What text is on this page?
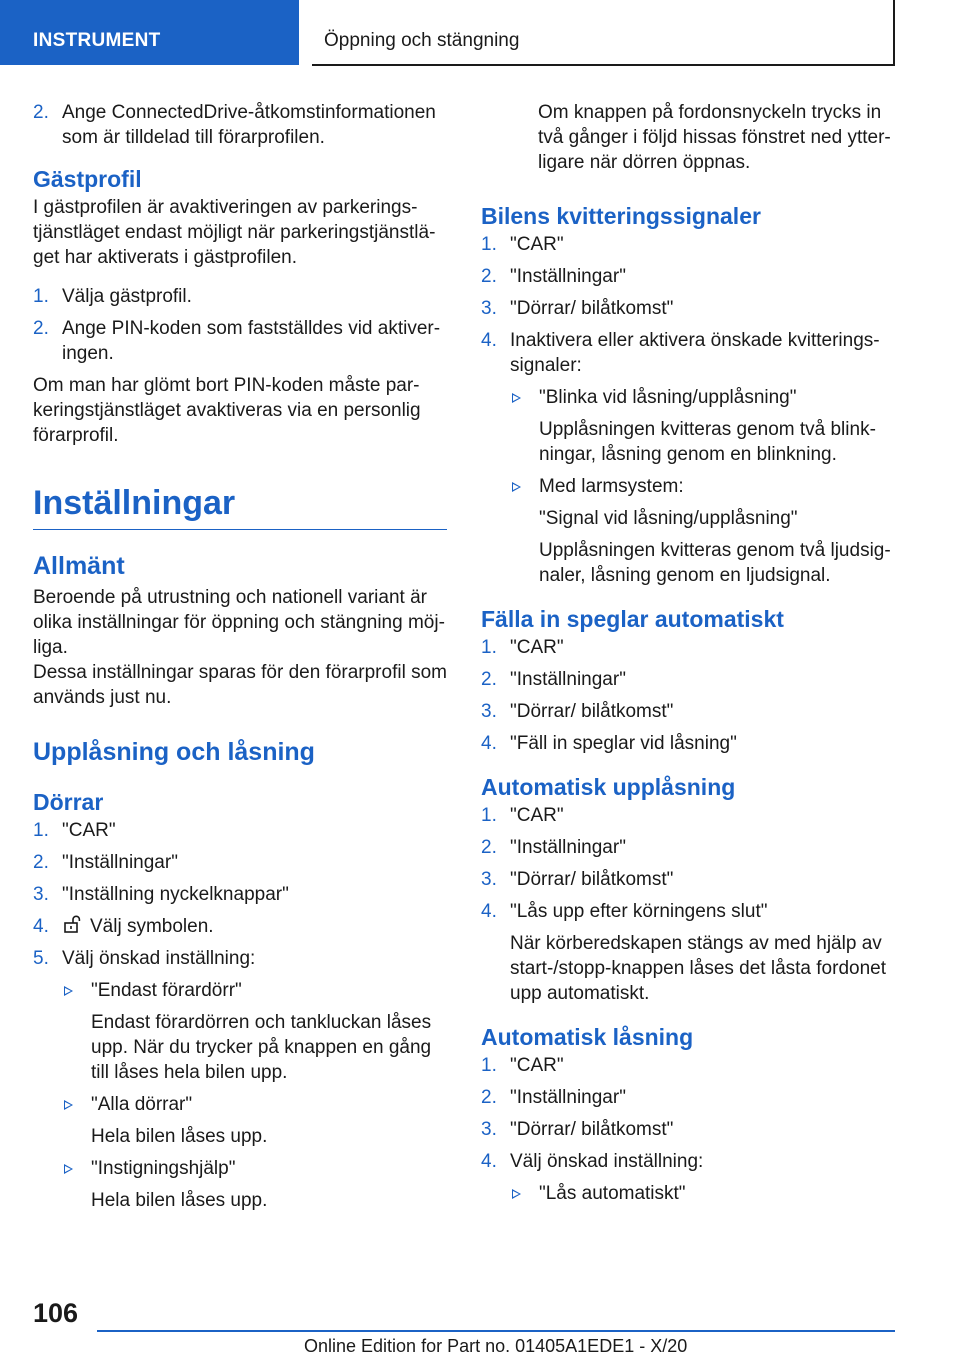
INSTRUMENT	Öppning och stängning
2. Ange ConnectedDrive-åtkomstinformationen som är tilldelad till förarprofilen.
Gästprofil

I gästprofilen är avaktiveringen av parkeringstjänstläget endast möjligt när parkeringstjänstläget har aktiverats i gästprofilen.

1. Välja gästprofil.
2. Ange PIN-koden som fastställdes vid aktiveringen.

Om man har glömt bort PIN-koden måste parkeringstjänstläget avaktiveras via en personlig förarprofil.

Inställningar
Allmänt

Beroende på utrustning och nationell variant är olika inställningar för öppning och stängning möjliga.

Dessa inställningar sparas för den förarprofil som används just nu.

Upplåsning och låsning
Dörrar
1. "CAR"
2. "Inställningar"
3. "Inställning nyckelknappar"
4. Välj symbolen.
5. Välj önskad inställning:
"Endast förardörr"
Endast förardörren och tankluckan låses upp. När du trycker på knappen en gång till låses hela bilen upp.
"Alla dörrar"
Hela bilen låses upp.
"Instigningshjälp"
Hela bilen låses upp.

Om knappen på fordonsnyckeln trycks in två gånger i följd hissas fönstret ned ytterligare när dörren öppnas.

Bilens kvitteringssignaler
1. "CAR"
2. "Inställningar"
3. "Dörrar/ bilåtkomst"
4. Inaktivera eller aktivera önskade kvitteringssignaler:
"Blinka vid låsning/upplåsning"
Upplåsningen kvitteras genom två blinkningar, låsning genom en blinkning.
Med larmsystem:
"Signal vid låsning/upplåsning"
Upplåsningen kvitteras genom två ljudsignaler, låsning genom en ljudsignal.
Fälla in speglar automatiskt
1. "CAR"
2. "Inställningar"
3. "Dörrar/ bilåtkomst"
4. "Fäll in speglar vid låsning"
Automatisk upplåsning
1. "CAR"
2. "Inställningar"
3. "Dörrar/ bilåtkomst"
4. "Lås upp efter körningens slut"
När körberedskapen stängs av med hjälp av start-/stopp-knappen låses det låsta fordonet upp automatiskt.
Automatisk låsning
1. "CAR"
2. "Inställningar"
3. "Dörrar/ bilåtkomst"
4. Välj önskad inställning:
"Lås automatiskt"
106
Online Edition for Part no. 01405A1EDE1 - X/20
